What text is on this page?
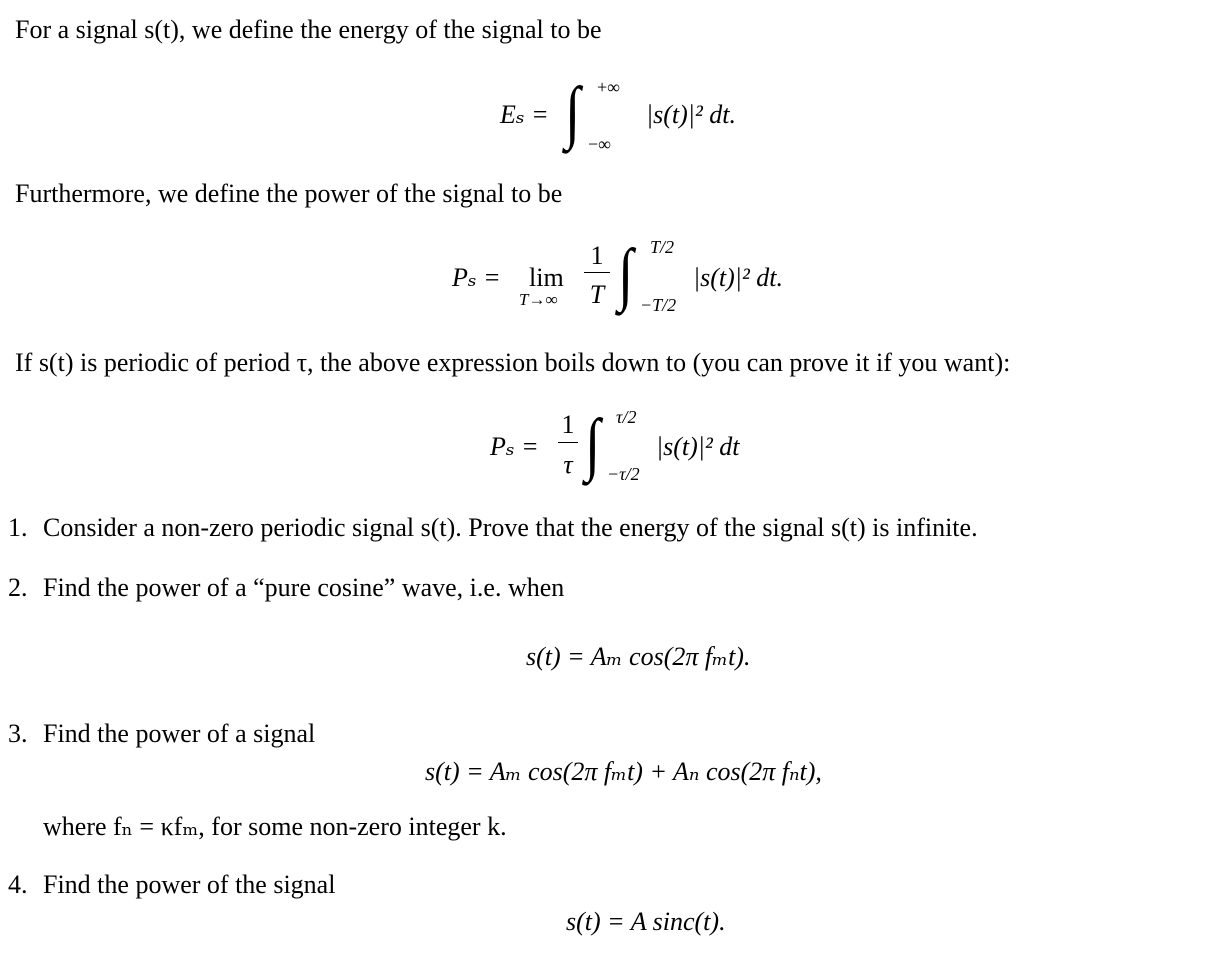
For a signal s(t), we define the energy of the signal to be
Eₛ = ∫ +∞
−∞
|s(t)|² dt.
Furthermore, we define the power of the signal to be
Pₛ = lim
T→∞
1
T ∫ T/2
−T/2
|s(t)|² dt.
If s(t) is periodic of period τ, the above expression boils down to (you can prove it if you want):
Pₛ =
1
τ ∫ τ/2
−τ/2
|s(t)|² dt
1. Consider a non-zero periodic signal s(t). Prove that the energy of the signal s(t) is infinite.
2. Find the power of a “pure cosine” wave, i.e. when
s(t) = Aₘ cos(2π fₘt).
3. Find the power of a signal
s(t) = Aₘ cos(2π fₘt) + Aₙ cos(2π fₙt),
where fₙ = κfₘ, for some non-zero integer k.
4. Find the power of the signal
s(t) = A sinc(t).
